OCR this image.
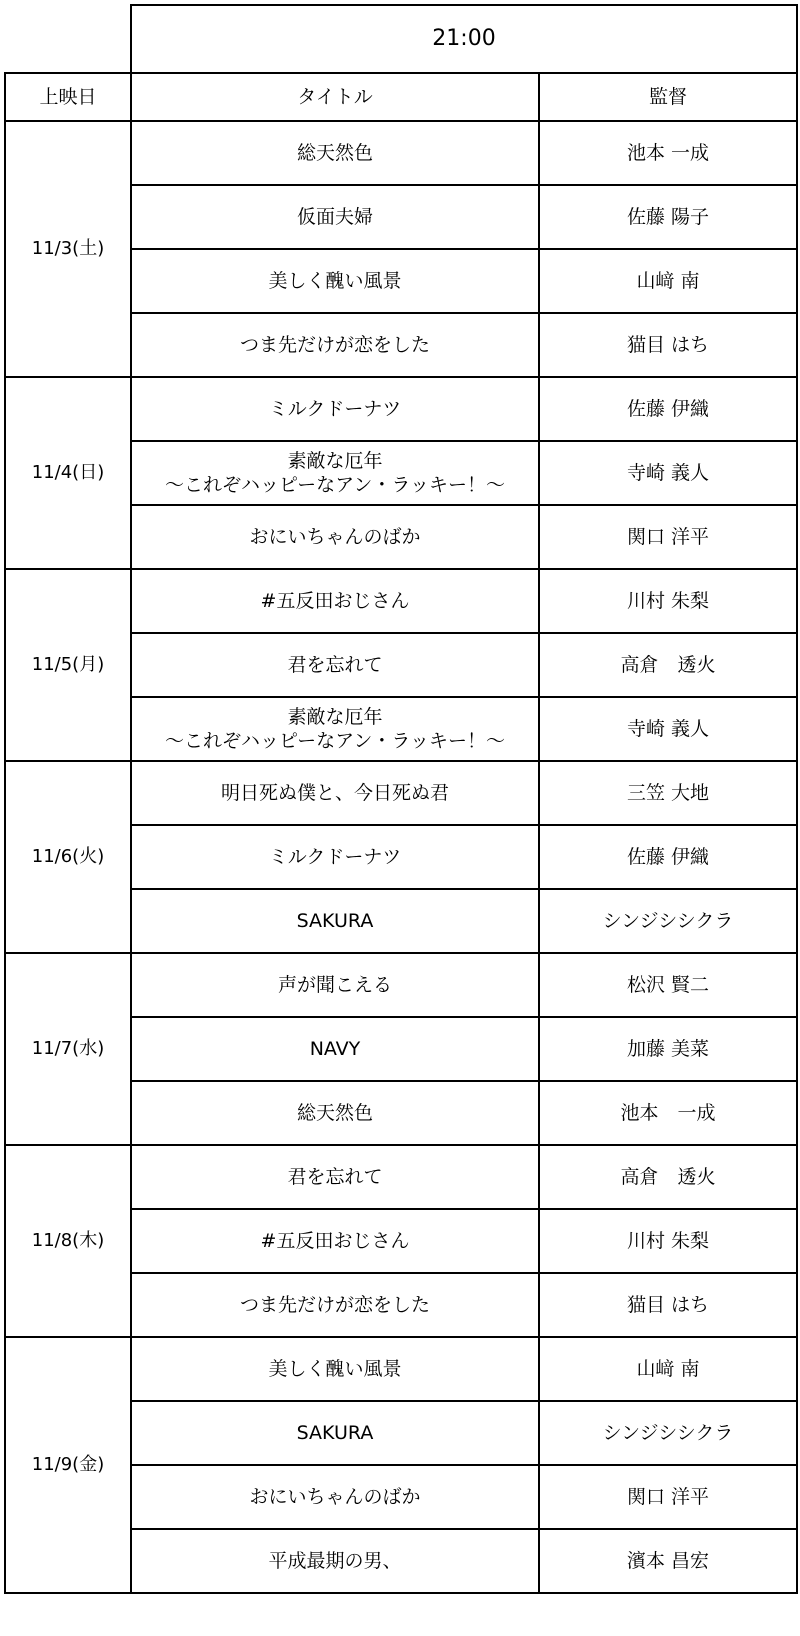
	21:00	
上映日	タイトル	監督
11/3(土)	総天然色	池本 一成

	仮面夫婦	佐藤 陽子

	美しく醜い風景	山﨑 南

	つま先だけが恋をした	猫目 はち
11/4(日)	ミルクドーナツ	佐藤 伊織

	素敵な厄年
〜これぞハッピーなアン・ラッキー！〜	寺崎 義人

	おにいちゃんのばか	関口 洋平
11/5(月)	#五反田おじさん	川村 朱梨

	君を忘れて	高倉　透火

	素敵な厄年
〜これぞハッピーなアン・ラッキー！〜	寺崎 義人
11/6(火)	明日死ぬ僕と、今日死ぬ君	三笠 大地

	ミルクドーナツ	佐藤 伊織

	SAKURA	シンジシシクラ
11/7(水)	声が聞こえる	松沢 賢二

	NAVY	加藤 美菜

	総天然色	池本　一成
11/8(木)	君を忘れて	高倉　透火

	#五反田おじさん	川村 朱梨

	つま先だけが恋をした	猫目 はち
11/9(金)	美しく醜い風景	山﨑 南

	SAKURA	シンジシシクラ

	おにいちゃんのばか	関口 洋平

	平成最期の男、	濱本 昌宏
